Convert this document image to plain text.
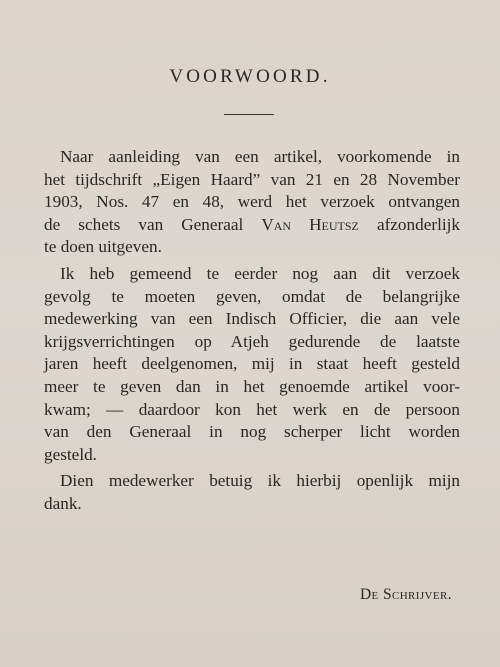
VOORWOORD.
Naar aanleiding van een artikel, voorkomende in
het tijdschrift „Eigen Haard” van 21 en 28 November
1903, Nos. 47 en 48, werd het verzoek ontvangen
de schets van Generaal Van Heutsz afzonderlijk
te doen uitgeven.
Ik heb gemeend te eerder nog aan dit verzoek
gevolg te moeten geven, omdat de belangrijke
medewerking van een Indisch Officier, die aan vele
krijgsverrichtingen op Atjeh gedurende de laatste
jaren heeft deelgenomen, mij in staat heeft gesteld
meer te geven dan in het genoemde artikel voor-
kwam; — daardoor kon het werk en de persoon
van den Generaal in nog scherper licht worden
gesteld.
Dien medewerker betuig ik hierbij openlijk mijn
dank.
De Schrijver.
